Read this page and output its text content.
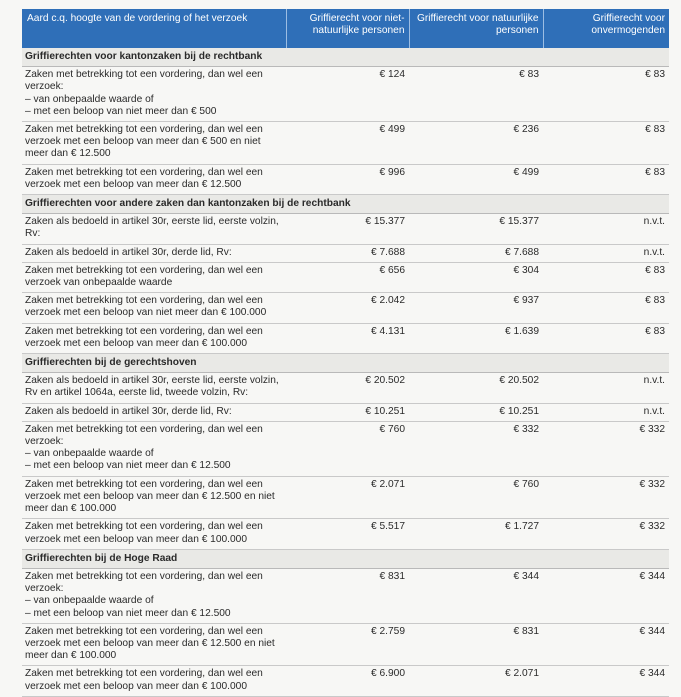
Aard c.q. hoogte van de vordering of het verzoek	Griffierecht voor niet-natuurlijke personen	Griffierecht voor natuurlijke personen	Griffierecht voor onvermogenden
Griffierechten voor kantonzaken bij de rechtbank			

Zaken met betrekking tot een vordering, dan wel een verzoek:
– van onbepaalde waarde of
– met een beloop van niet meer dan € 500	€ 124	€ 83	€ 83

Zaken met betrekking tot een vordering, dan wel een verzoek met een beloop van meer dan € 500 en niet meer dan € 12.500	€ 499	€ 236	€ 83

Zaken met betrekking tot een vordering, dan wel een verzoek met een beloop van meer dan € 12.500	€ 996	€ 499	€ 83
Griffierechten voor andere zaken dan kantonzaken bij de rechtbank			

Zaken als bedoeld in artikel 30r, eerste lid, eerste volzin, Rv:	€ 15.377	€ 15.377	n.v.t.

Zaken als bedoeld in artikel 30r, derde lid, Rv:	€ 7.688	€ 7.688	n.v.t.

Zaken met betrekking tot een vordering, dan wel een verzoek van onbepaalde waarde	€ 656	€ 304	€ 83

Zaken met betrekking tot een vordering, dan wel een verzoek met een beloop van niet meer dan € 100.000	€ 2.042	€ 937	€ 83

Zaken met betrekking tot een vordering, dan wel een verzoek met een beloop van meer dan € 100.000	€ 4.131	€ 1.639	€ 83
Griffierechten bij de gerechtshoven			

Zaken als bedoeld in artikel 30r, eerste lid, eerste volzin, Rv en artikel 1064a, eerste lid, tweede volzin, Rv:	€ 20.502	€ 20.502	n.v.t.

Zaken als bedoeld in artikel 30r, derde lid, Rv:	€ 10.251	€ 10.251	n.v.t.

Zaken met betrekking tot een vordering, dan wel een verzoek:
– van onbepaalde waarde of
– met een beloop van niet meer dan € 12.500	€ 760	€ 332	€ 332

Zaken met betrekking tot een vordering, dan wel een verzoek met een beloop van meer dan € 12.500 en niet meer dan € 100.000	€ 2.071	€ 760	€ 332

Zaken met betrekking tot een vordering, dan wel een verzoek met een beloop van meer dan € 100.000	€ 5.517	€ 1.727	€ 332
Griffierechten bij de Hoge Raad			

Zaken met betrekking tot een vordering, dan wel een verzoek:
– van onbepaalde waarde of
– met een beloop van niet meer dan € 12.500	€ 831	€ 344	€ 344

Zaken met betrekking tot een vordering, dan wel een verzoek met een beloop van meer dan € 12.500 en niet meer dan € 100.000	€ 2.759	€ 831	€ 344

Zaken met betrekking tot een vordering, dan wel een verzoek met een beloop van meer dan € 100.000	€ 6.900	€ 2.071	€ 344
